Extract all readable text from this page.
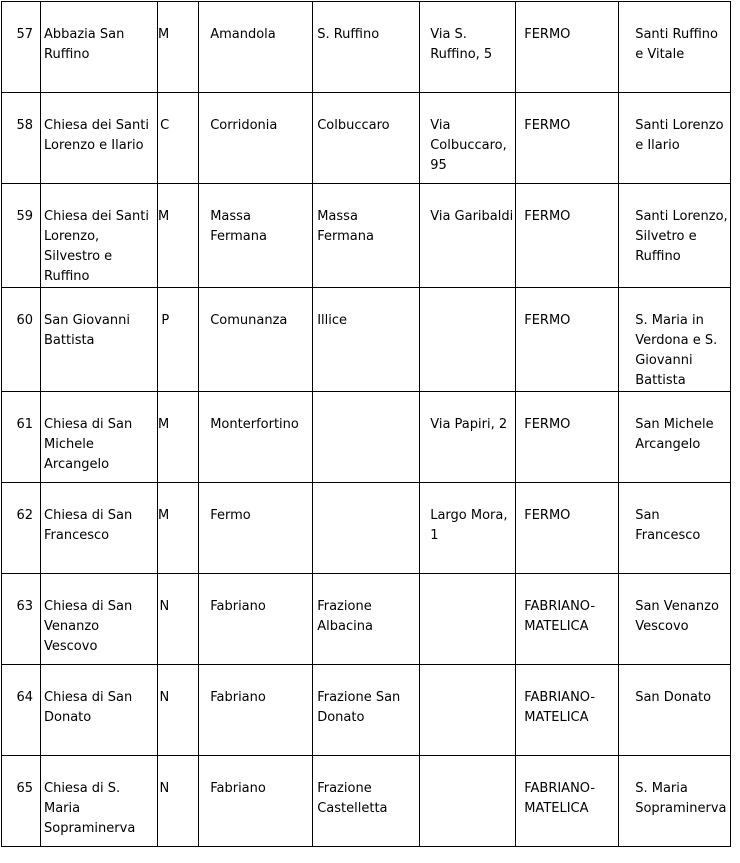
57	Abbazia San Ruffino	M	Amandola	S. Ruffino	Via S. Ruffino, 5	FERMO	Santi Ruffino e Vitale

58	Chiesa dei Santi Lorenzo e Ilario	C	Corridonia	Colbuccaro	Via Colbuccaro, 95	FERMO	Santi Lorenzo e Ilario

59	Chiesa dei Santi Lorenzo, Silvestro e Ruffino	M	Massa Fermana	Massa Fermana	Via Garibaldi	FERMO	Santi Lorenzo, Silvetro e Ruffino

60	San Giovanni Battista	P	Comunanza	Illice		FERMO	S. Maria in Verdona e S. Giovanni Battista

61	Chiesa di San Michele Arcangelo	M	Monterfortino		Via Papiri, 2	FERMO	San Michele Arcangelo

62	Chiesa di San Francesco	M	Fermo		Largo Mora, 1	FERMO	San Francesco

63	Chiesa di San Venanzo Vescovo	N	Fabriano	Frazione Albacina		FABRIANO-MATELICA	San Venanzo Vescovo

64	Chiesa di San Donato	N	Fabriano	Frazione San Donato		FABRIANO-MATELICA	San Donato

65	Chiesa di S. Maria Sopraminerva	N	Fabriano	Frazione Castelletta		FABRIANO-MATELICA	S. Maria Sopraminerva
